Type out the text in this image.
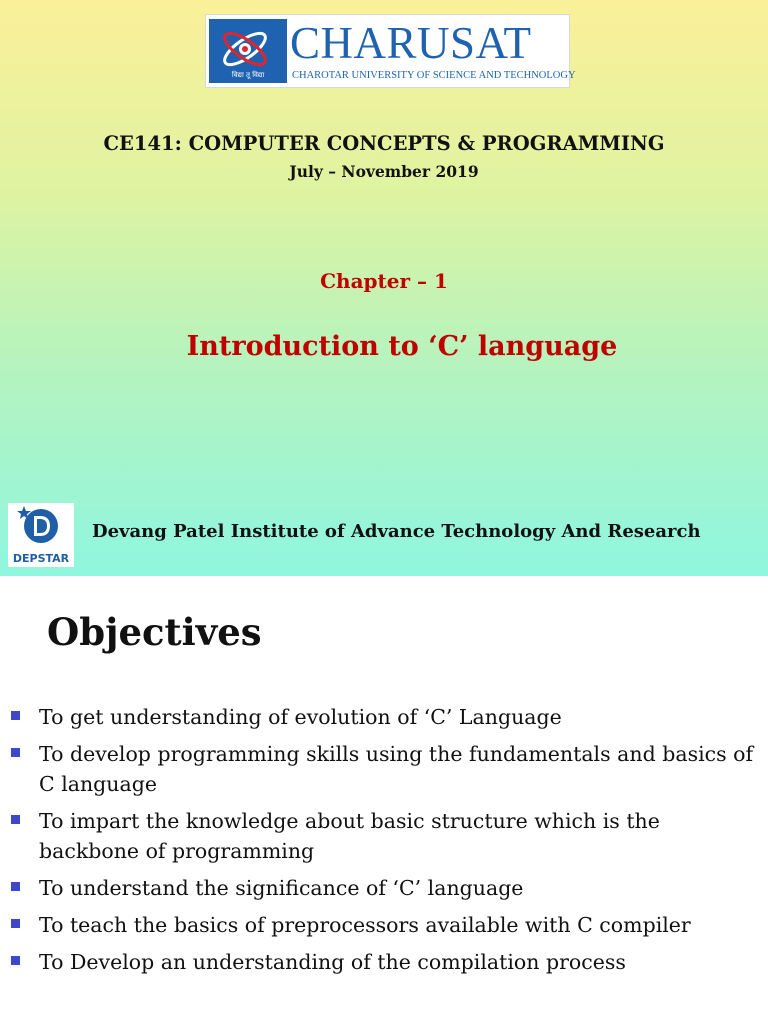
विद्या तू विद्या
CHARUSAT
CHAROTAR UNIVERSITY OF SCIENCE AND TECHNOLOGY
CE141: COMPUTER CONCEPTS & PROGRAMMING
July – November 2019
Chapter – 1
Introduction to ‘C’ language
DEPSTAR
Devang Patel Institute of Advance Technology And Research
Objectives
To get understanding of evolution of ‘C’ Language
To develop programming skills using the fundamentals and basics of C language
To impart the knowledge about basic structure which is the backbone of programming
To understand the significance of ‘C’ language
To teach the basics of preprocessors available with C compiler
To Develop an understanding of the compilation process
